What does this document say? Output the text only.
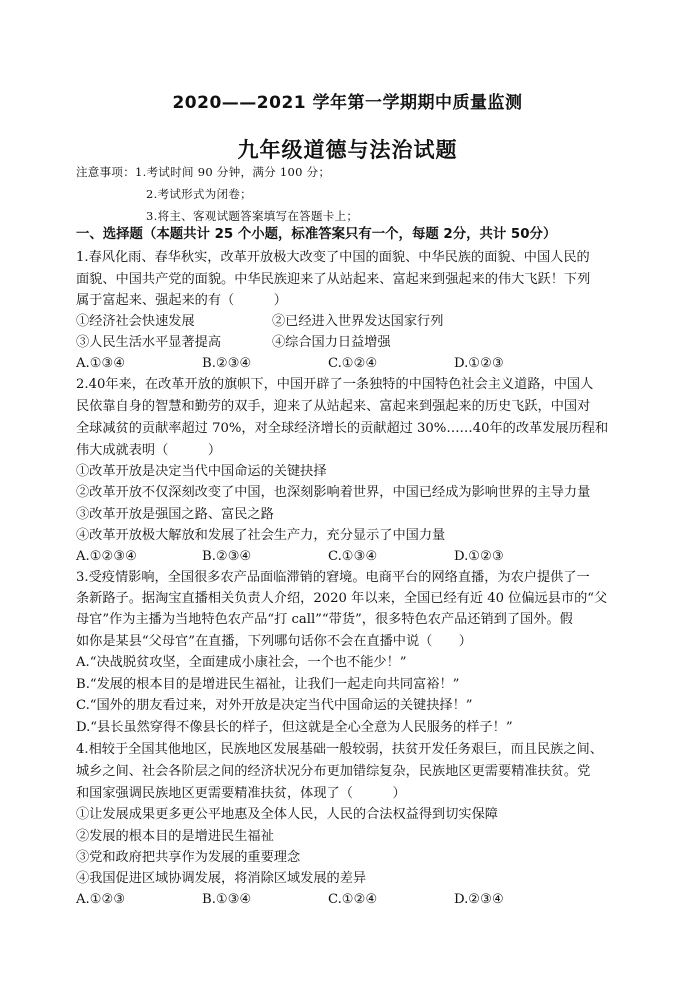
2020——2021 学年第一学期期中质量监测
九年级道德与法治试题
注意事项：1.考试时间 90 分钟，满分 100 分；
2.考试形式为闭卷；
3.将主、客观试题答案填写在答题卡上；
一、选择题（本题共计 25 个小题，标准答案只有一个，每题 2分，共计 50分）
1.春风化雨、春华秋实，改革开放极大改变了中国的面貌、中华民族的面貌、中国人民的
面貌、中国共产党的面貌。中华民族迎来了从站起来、富起来到强起来的伟大飞跃！下列
属于富起来、强起来的有（　　　）
①经济社会快速发展	②已经进入世界发达国家行列
③人民生活水平显著提高	④综合国力日益增强
A.①③④	B.②③④	C.①②④	D.①②③
2.40年来，在改革开放的旗帜下，中国开辟了一条独特的中国特色社会主义道路，中国人
民依靠自身的智慧和勤劳的双手，迎来了从站起来、富起来到强起来的历史飞跃，中国对
全球减贫的贡献率超过 70%，对全球经济增长的贡献超过 30%……40年的改革发展历程和
伟大成就表明（　　　）
①改革开放是决定当代中国命运的关键抉择
②改革开放不仅深刻改变了中国，也深刻影响着世界，中国已经成为影响世界的主导力量
③改革开放是强国之路、富民之路
④改革开放极大解放和发展了社会生产力，充分显示了中国力量
A.①②③④	B.②③④	C.①③④	D.①②③
3.受疫情影响，全国很多农产品面临滞销的窘境。电商平台的网络直播，为农户提供了一
条新路子。据淘宝直播相关负责人介绍，2020 年以来，全国已经有近 40 位偏远县市的“父
母官”作为主播为当地特色农产品“打 call”“带货”，很多特色农产品还销到了国外。假
如你是某县“父母官”在直播，下列哪句话你不会在直播中说（　　）
A.“决战脱贫攻坚，全面建成小康社会，一个也不能少！”
B.“发展的根本目的是增进民生福祉，让我们一起走向共同富裕！”
C.“国外的朋友看过来，对外开放是决定当代中国命运的关键抉择！”
D.“县长虽然穿得不像县长的样子，但这就是全心全意为人民服务的样子！”
4.相较于全国其他地区，民族地区发展基础一般较弱，扶贫开发任务艰巨，而且民族之间、
城乡之间、社会各阶层之间的经济状况分布更加错综复杂，民族地区更需要精准扶贫。党
和国家强调民族地区更需要精准扶贫，体现了（　　　）
①让发展成果更多更公平地惠及全体人民，人民的合法权益得到切实保障
②发展的根本目的是增进民生福祉
③党和政府把共享作为发展的重要理念
④我国促进区域协调发展，将消除区域发展的差异
A.①②③	B.①③④	C.①②④	D.②③④
